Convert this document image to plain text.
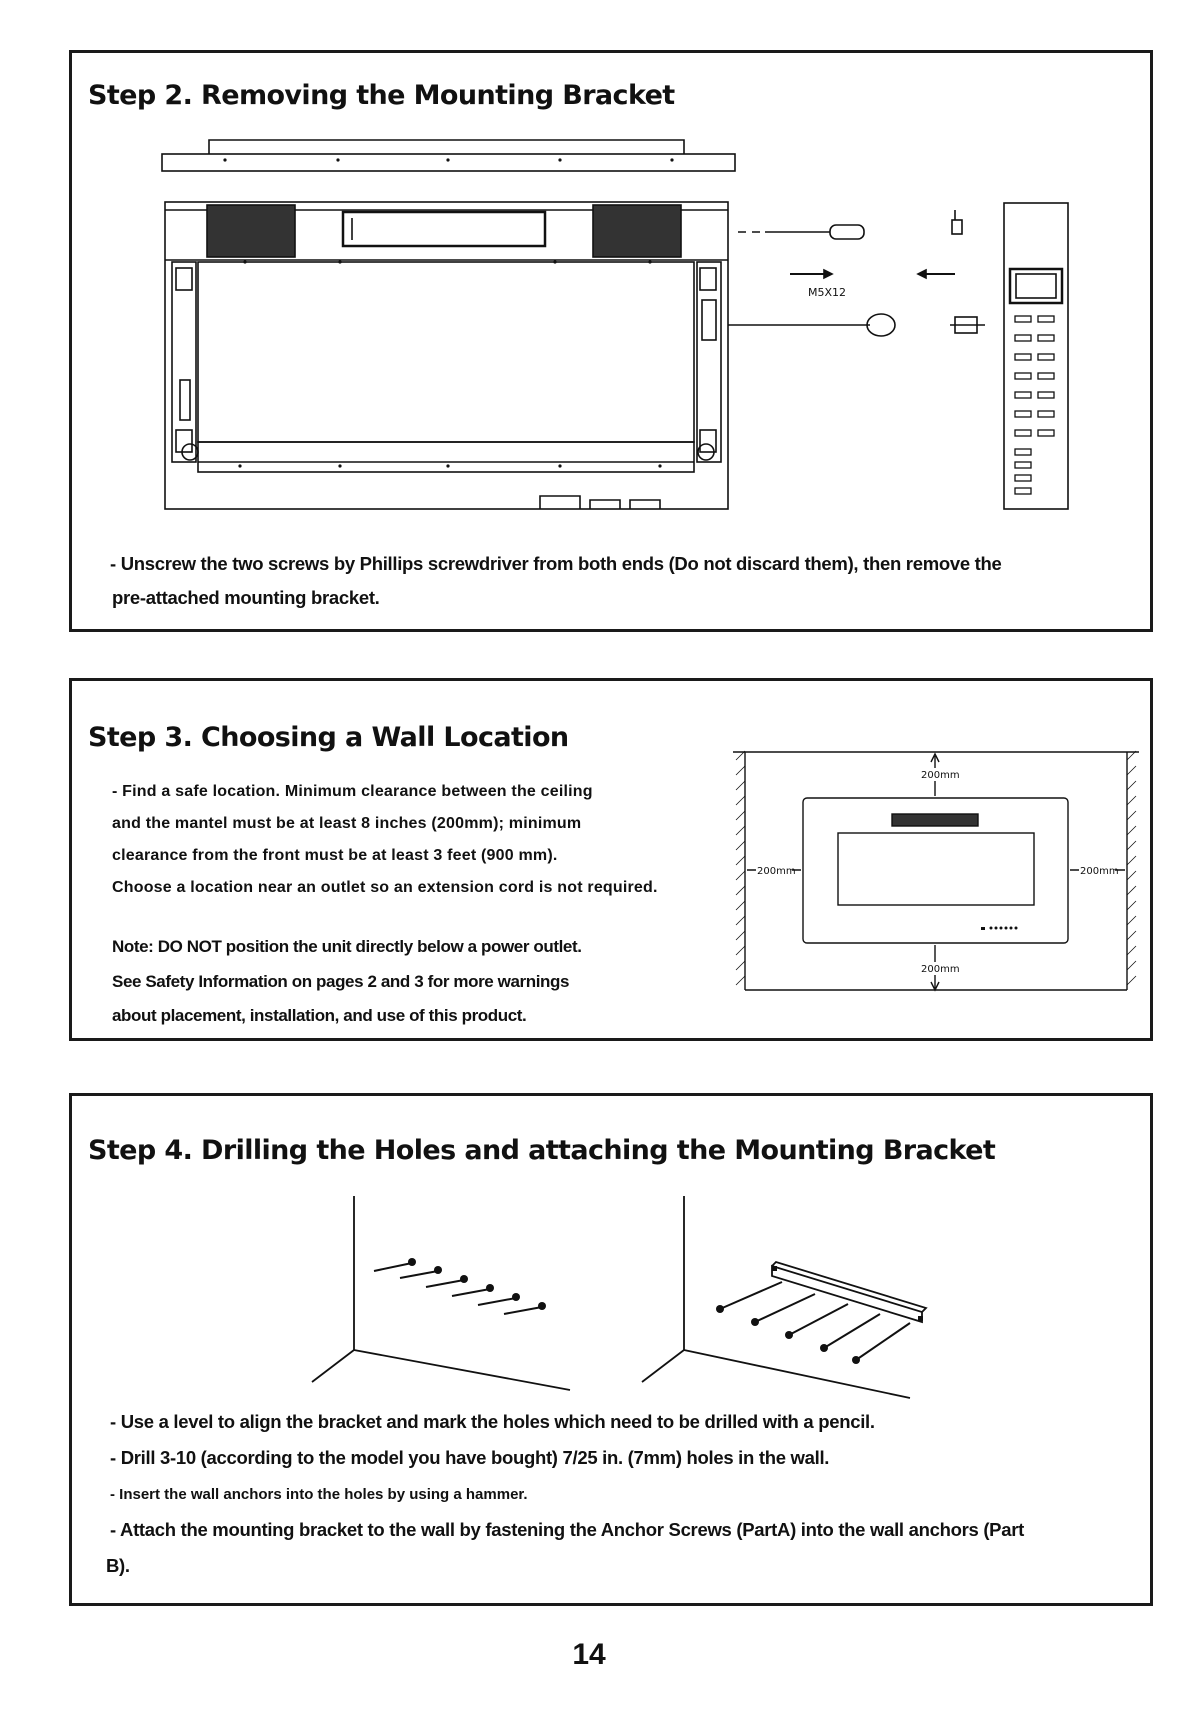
Step 2. Removing the Mounting Bracket
M5X12
- Unscrew the two screws by Phillips screwdriver from both ends (Do not discard them), then remove the
pre-attached mounting bracket.
Step 3. Choosing a Wall Location
- Find a safe location. Minimum clearance between the ceiling
and the mantel must be at least 8 inches (200mm); minimum
clearance from the front must be at least 3 feet (900 mm).
Choose a location near an outlet so an extension cord is not required.
Note: DO NOT position the unit directly below a power outlet.
See Safety Information on pages 2 and 3 for more warnings
about placement, installation, and use of this product.
200mm
200mm
200mm	200mm
Step 4. Drilling the Holes and attaching the Mounting Bracket
- Use a level to align the bracket and mark the holes which need to be drilled with a pencil.
- Drill 3-10 (according to the model you have bought) 7/25 in. (7mm) holes in the wall.
- Insert the wall anchors into the holes by using a hammer.
- Attach the mounting bracket to the wall by fastening the Anchor Screws (PartA) into the wall anchors (Part
B).
14
